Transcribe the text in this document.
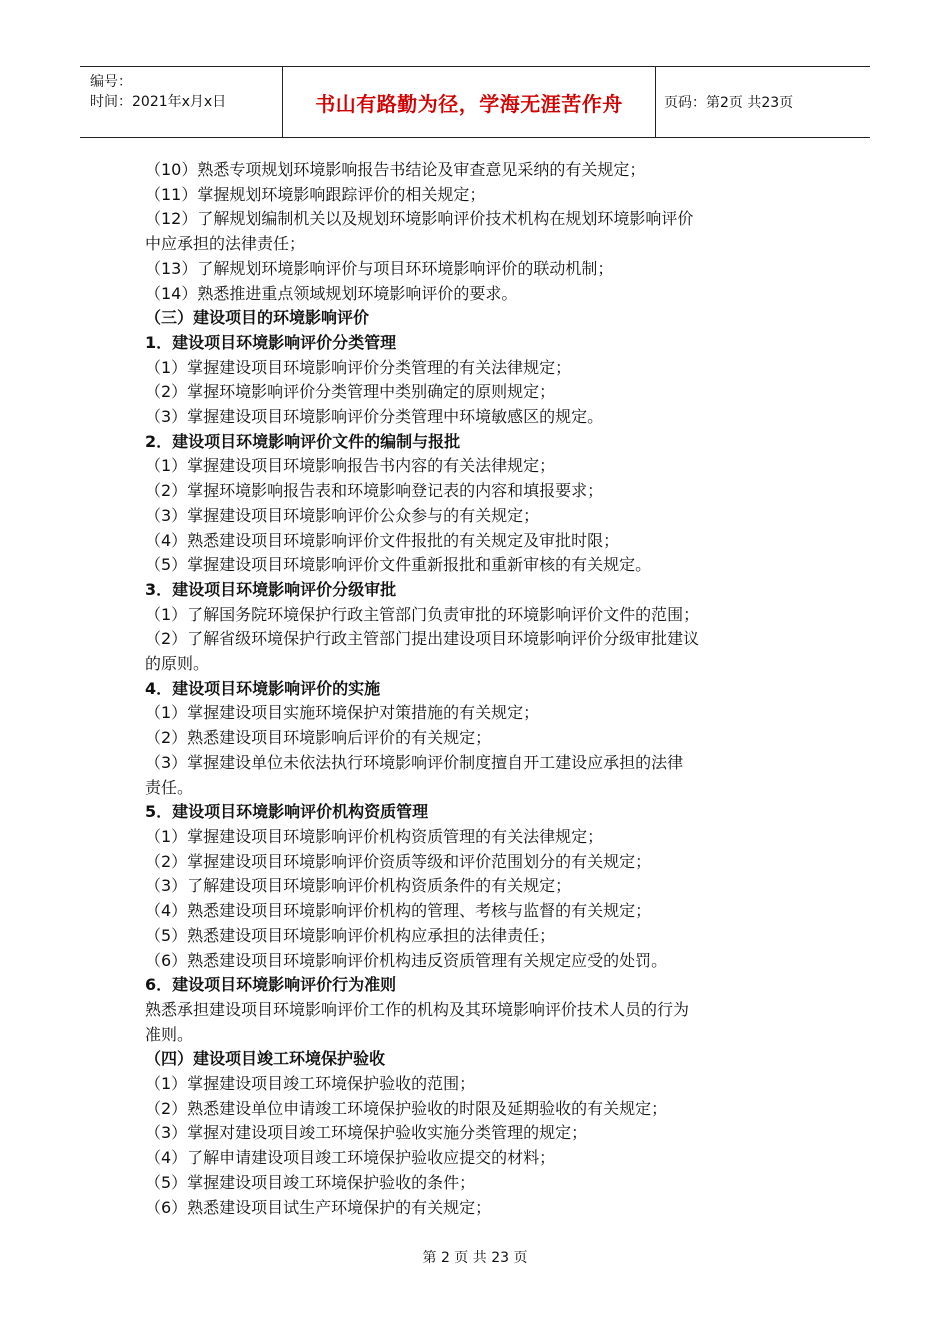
编号：
时间：2021年x月x日	书山有路勤为径，学海无涯苦作舟	页码：第2页 共23页
（10）熟悉专项规划环境影响报告书结论及审查意见采纳的有关规定；
（11）掌握规划环境影响跟踪评价的相关规定；
（12）了解规划编制机关以及规划环境影响评价技术机构在规划环境影响评价
中应承担的法律责任；
（13）了解规划环境影响评价与项目环环境影响评价的联动机制；
（14）熟悉推进重点领域规划环境影响评价的要求。
（三）建设项目的环境影响评价
1．建设项目环境影响评价分类管理
（1）掌握建设项目环境影响评价分类管理的有关法律规定；
（2）掌握环境影响评价分类管理中类别确定的原则规定；
（3）掌握建设项目环境影响评价分类管理中环境敏感区的规定。
2．建设项目环境影响评价文件的编制与报批
（1）掌握建设项目环境影响报告书内容的有关法律规定；
（2）掌握环境影响报告表和环境影响登记表的内容和填报要求；
（3）掌握建设项目环境影响评价公众参与的有关规定；
（4）熟悉建设项目环境影响评价文件报批的有关规定及审批时限；
（5）掌握建设项目环境影响评价文件重新报批和重新审核的有关规定。
3．建设项目环境影响评价分级审批
（1）了解国务院环境保护行政主管部门负责审批的环境影响评价文件的范围；
（2）了解省级环境保护行政主管部门提出建设项目环境影响评价分级审批建议
的原则。
4．建设项目环境影响评价的实施
（1）掌握建设项目实施环境保护对策措施的有关规定；
（2）熟悉建设项目环境影响后评价的有关规定；
（3）掌握建设单位未依法执行环境影响评价制度擅自开工建设应承担的法律
责任。
5．建设项目环境影响评价机构资质管理
（1）掌握建设项目环境影响评价机构资质管理的有关法律规定；
（2）掌握建设项目环境影响评价资质等级和评价范围划分的有关规定；
（3）了解建设项目环境影响评价机构资质条件的有关规定；
（4）熟悉建设项目环境影响评价机构的管理、考核与监督的有关规定；
（5）熟悉建设项目环境影响评价机构应承担的法律责任；
（6）熟悉建设项目环境影响评价机构违反资质管理有关规定应受的处罚。
6．建设项目环境影响评价行为准则
熟悉承担建设项目环境影响评价工作的机构及其环境影响评价技术人员的行为
准则。
（四）建设项目竣工环境保护验收
（1）掌握建设项目竣工环境保护验收的范围；
（2）熟悉建设单位申请竣工环境保护验收的时限及延期验收的有关规定；
（3）掌握对建设项目竣工环境保护验收实施分类管理的规定；
（4）了解申请建设项目竣工环境保护验收应提交的材料；
（5）掌握建设项目竣工环境保护验收的条件；
（6）熟悉建设项目试生产环境保护的有关规定；
第 2 页 共 23 页
